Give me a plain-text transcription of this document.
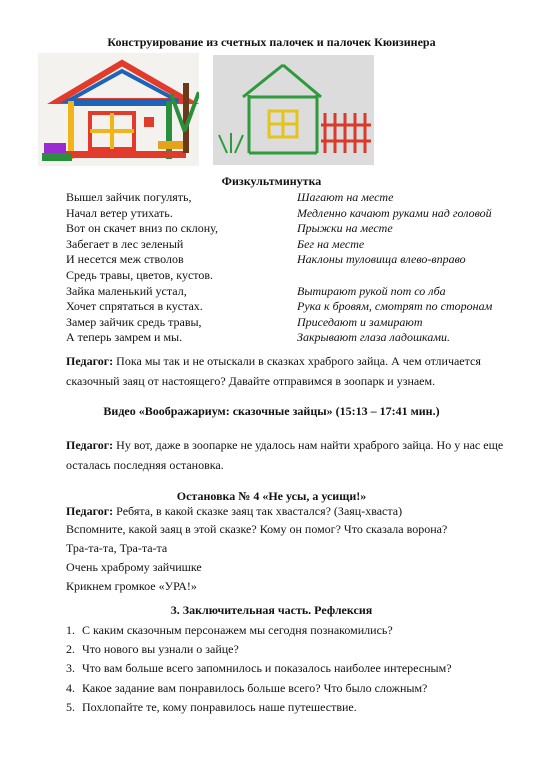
Конструирование из счетных палочек и палочек Кюизинера
Физкультминутка
Вышел зайчик погулять,	Шагают на месте
Начал ветер утихать.	Медленно качают руками над головой
Вот он скачет вниз по склону,	Прыжки на месте
Забегает в лес зеленый	Бег на месте
И несется меж стволов	Наклоны туловища влево-вправо
Средь травы, цветов, кустов.
Зайка маленький устал,	Вытирают рукой пот со лба
Хочет спрятаться в кустах.	Рука к бровям, смотрят по сторонам
Замер зайчик средь травы,	Приседают и замирают
А теперь замрем и мы.	Закрывают глаза ладошками.
Педагог: Пока мы так и не отыскали в сказках храброго зайца. А чем отличается сказочный заяц от настоящего? Давайте отправимся в зоопарк и узнаем.
Видео «Воображариум: сказочные зайцы» (15:13 – 17:41 мин.)
Педагог: Ну вот, даже в зоопарке не удалось нам найти храброго зайца. Но у нас еще осталась последняя остановка.
Остановка № 4 «Не усы, а усищи!»
Педагог: Ребята, в какой сказке заяц так хвастался? (Заяц-хваста)
Вспомните, какой заяц в этой сказке? Кому он помог? Что сказала ворона?
Тра-та-та, Тра-та-та
Очень храброму зайчишке
Крикнем громкое «УРА!»
3. Заключительная часть. Рефлексия
1. С каким сказочным персонажем мы сегодня познакомились?
2. Что нового вы узнали о зайце?
3. Что вам больше всего запомнилось и показалось наиболее интересным?
4. Какое задание вам понравилось больше всего? Что было сложным?
5. Похлопайте те, кому понравилось наше путешествие.
